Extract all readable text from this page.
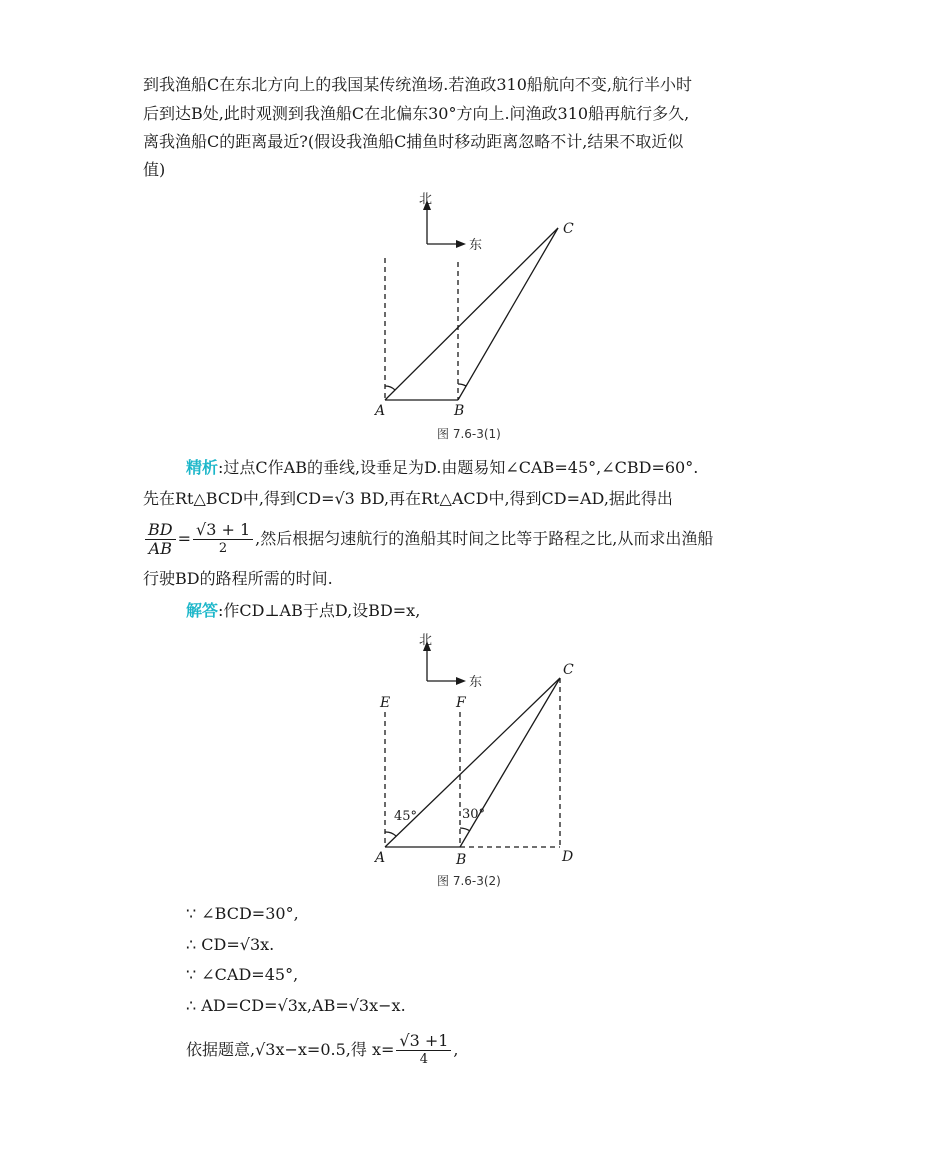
到我渔船C在东北方向上的我国某传统渔场.若渔政310船航向不变,航行半小时
后到达B处,此时观测到我渔船C在北偏东30°方向上.问渔政310船再航行多久,
离我渔船C的距离最近?(假设我渔船C捕鱼时移动距离忽略不计,结果不取近似
值)
北
东
A	B
C
北
东
E	F
C
A	B	D
45°	30°
图 7.6-3(1)
图 7.6-3(2)
精析:过点C作AB的垂线,设垂足为D.由题易知∠CAB=45°,∠CBD=60°.
先在Rt△BCD中,得到CD=√3 BD,再在Rt△ACD中,得到CD=AD,据此得出
$\frac{BD}{AB} = \frac{√3 + 1}{2}$ ,然后根据匀速航行的渔船其时间之比等于路程之比,从而求出渔船
行驶BD的路程所需的时间.
解答:作CD⊥AB于点D,设BD=x,
∵ ∠BCD=30°,
∴ CD=√3x.
∵ ∠CAD=45°,
∴ AD=CD=√3x,AB=√3x−x.
依据题意,√3x−x=0.5,得 $x= \frac{√3 +1}{4}$ ,
